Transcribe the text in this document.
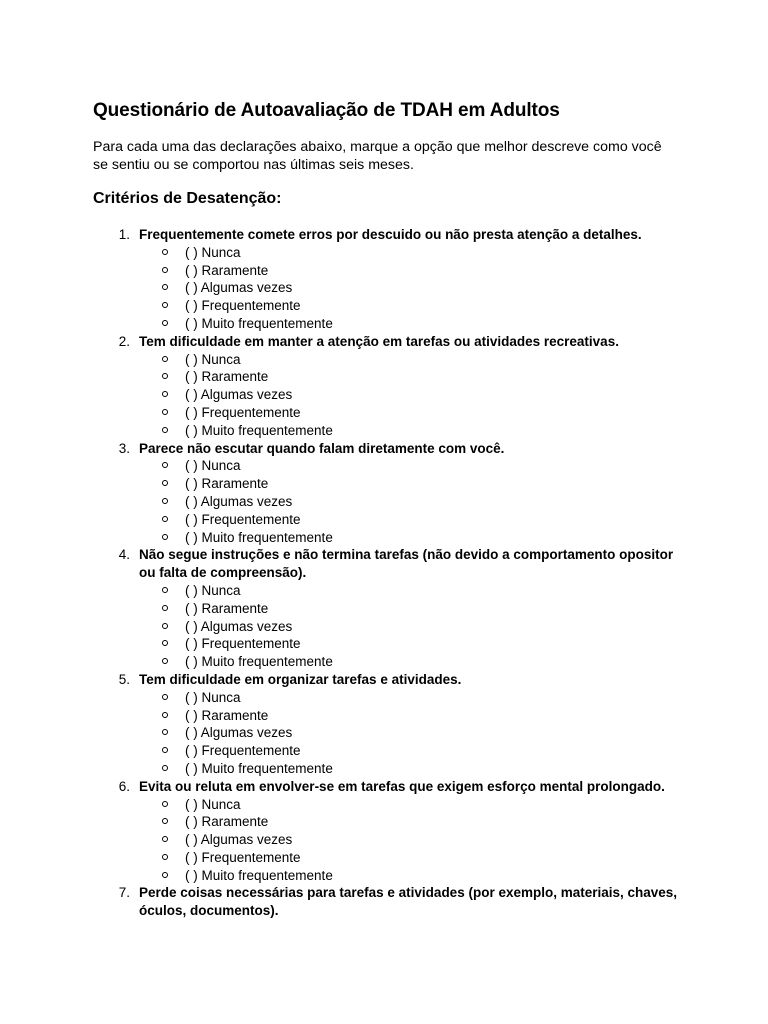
Questionário de Autoavaliação de TDAH em Adultos

Para cada uma das declarações abaixo, marque a opção que melhor descreve como você se sentiu ou se comportou nas últimas seis meses.

Critérios de Desatenção:
1. Frequentemente comete erros por descuido ou não presta atenção a detalhes.
( ) Nunca
( ) Raramente
( ) Algumas vezes
( ) Frequentemente
( ) Muito frequentemente
2. Tem dificuldade em manter a atenção em tarefas ou atividades recreativas.
( ) Nunca
( ) Raramente
( ) Algumas vezes
( ) Frequentemente
( ) Muito frequentemente
3. Parece não escutar quando falam diretamente com você.
( ) Nunca
( ) Raramente
( ) Algumas vezes
( ) Frequentemente
( ) Muito frequentemente
4. Não segue instruções e não termina tarefas (não devido a comportamento opositor ou falta de compreensão).
( ) Nunca
( ) Raramente
( ) Algumas vezes
( ) Frequentemente
( ) Muito frequentemente
5. Tem dificuldade em organizar tarefas e atividades.
( ) Nunca
( ) Raramente
( ) Algumas vezes
( ) Frequentemente
( ) Muito frequentemente
6. Evita ou reluta em envolver-se em tarefas que exigem esforço mental prolongado.
( ) Nunca
( ) Raramente
( ) Algumas vezes
( ) Frequentemente
( ) Muito frequentemente
7. Perde coisas necessárias para tarefas e atividades (por exemplo, materiais, chaves, óculos, documentos).
